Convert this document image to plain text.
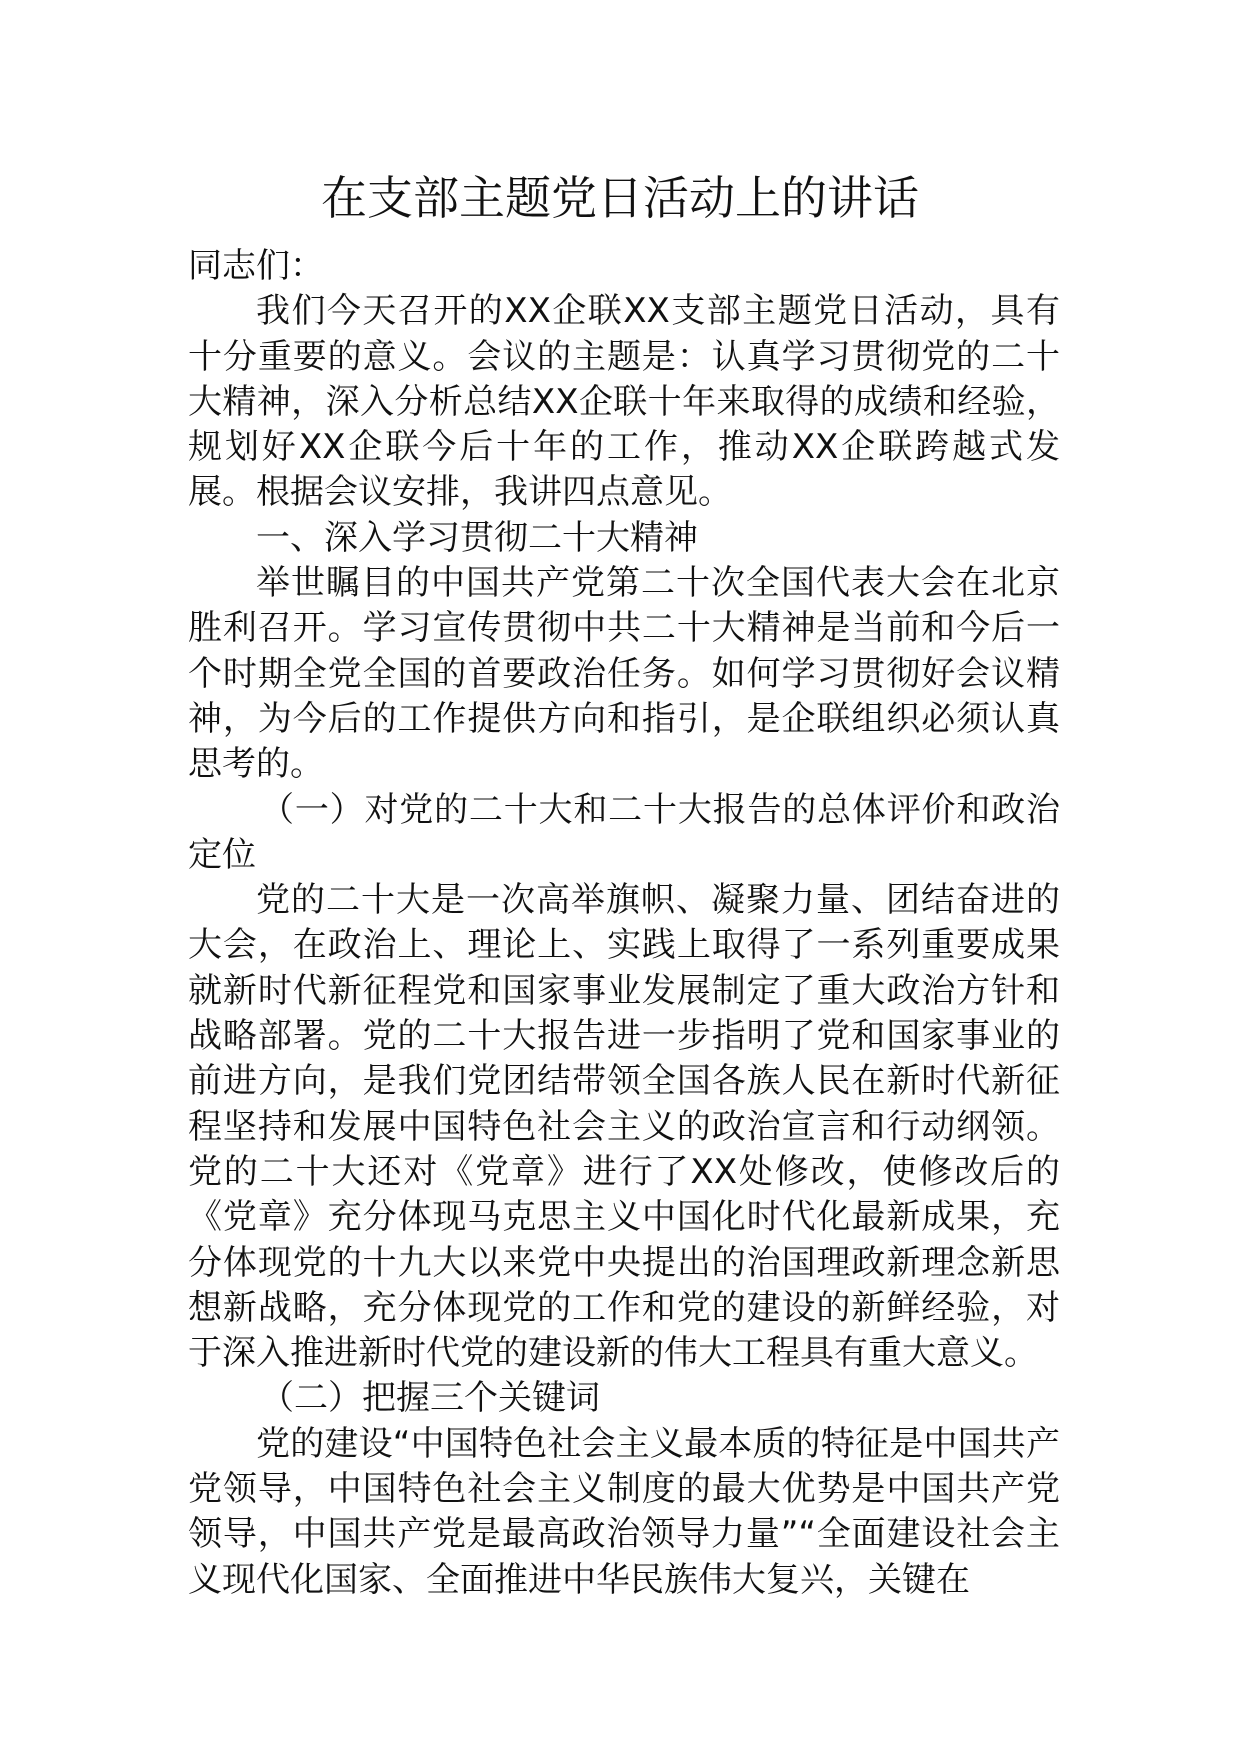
在支部主题党日活动上的讲话

同志们：

我们今天召开的XX企联XX支部主题党日活动，具有十分重要的意义。会议的主题是：认真学习贯彻党的二十大精神，深入分析总结XX企联十年来取得的成绩和经验，规划好XX企联今后十年的工作，推动XX企联跨越式发展。根据会议安排，我讲四点意见。

一、深入学习贯彻二十大精神

举世瞩目的中国共产党第二十次全国代表大会在北京胜利召开。学习宣传贯彻中共二十大精神是当前和今后一个时期全党全国的首要政治任务。如何学习贯彻好会议精神，为今后的工作提供方向和指引，是企联组织必须认真思考的。

（一）对党的二十大和二十大报告的总体评价和政治定位

党的二十大是一次高举旗帜、凝聚力量、团结奋进的大会，在政治上、理论上、实践上取得了一系列重要成果就新时代新征程党和国家事业发展制定了重大政治方针和战略部署。党的二十大报告进一步指明了党和国家事业的前进方向，是我们党团结带领全国各族人民在新时代新征程坚持和发展中国特色社会主义的政治宣言和行动纲领。党的二十大还对《党章》进行了XX处修改，使修改后的《党章》充分体现马克思主义中国化时代化最新成果，充分体现党的十九大以来党中央提出的治国理政新理念新思想新战略，充分体现党的工作和党的建设的新鲜经验，对于深入推进新时代党的建设新的伟大工程具有重大意义。

（二）把握三个关键词

党的建设“中国特色社会主义最本质的特征是中国共产党领导，中国特色社会主义制度的最大优势是中国共产党领导，中国共产党是最高政治领导力量”“全面建设社会主义现代化国家、全面推进中华民族伟大复兴，关键在
